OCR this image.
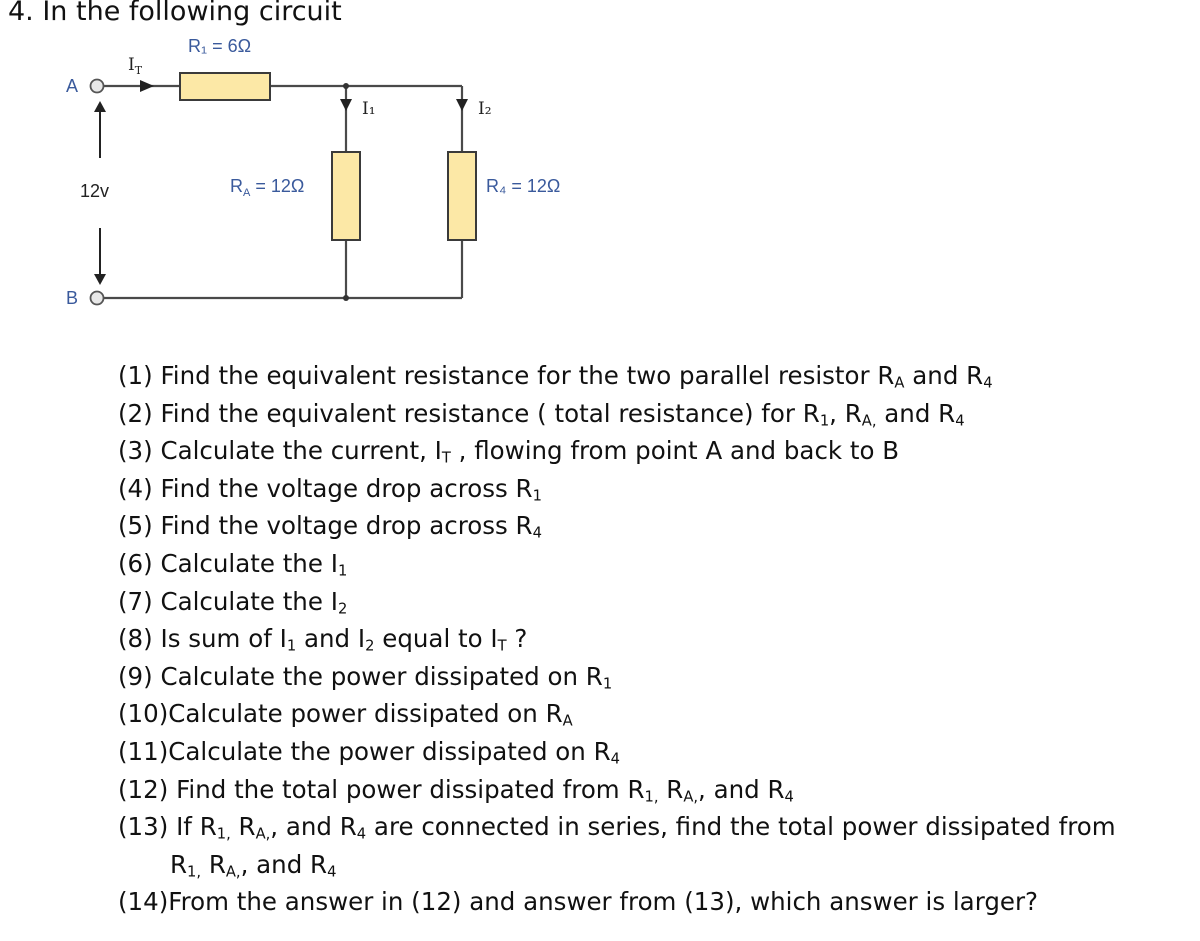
4. In the following circuit
R₁ = 6Ω
$I_T$
I₁	I₂
$R_A = 12\Omega$	R₄ = 12Ω
A
B
12v
(1) Find the equivalent resistance for the two parallel resistor $R_A$ and $R_4$
(2) Find the equivalent resistance ( total resistance) for $R_1$, $R_{A,}$ and $R_4$
(3) Calculate the current, $I_T$ , flowing from point A and back to B
(4) Find the voltage drop across $R_1$
(5) Find the voltage drop across $R_4$
(6) Calculate the $I_1$
(7) Calculate the $I_2$
(8) Is sum of $I_1$ and $I_2$ equal to $I_T$ ?
(9) Calculate the power dissipated on $R_1$
(10)Calculate power dissipated on $R_A$
(11)Calculate the power dissipated on $R_4$
(12) Find the total power dissipated from $R_{1,}$ $R_{A,}$, and $R_4$
(13) If $R_{1,}$ $R_{A,}$, and $R_4$ are connected in series, find the total power dissipated from
$R_{1,}$ $R_{A,}$, and $R_4$
(14)From the answer in (12) and answer from (13), which answer is larger?
